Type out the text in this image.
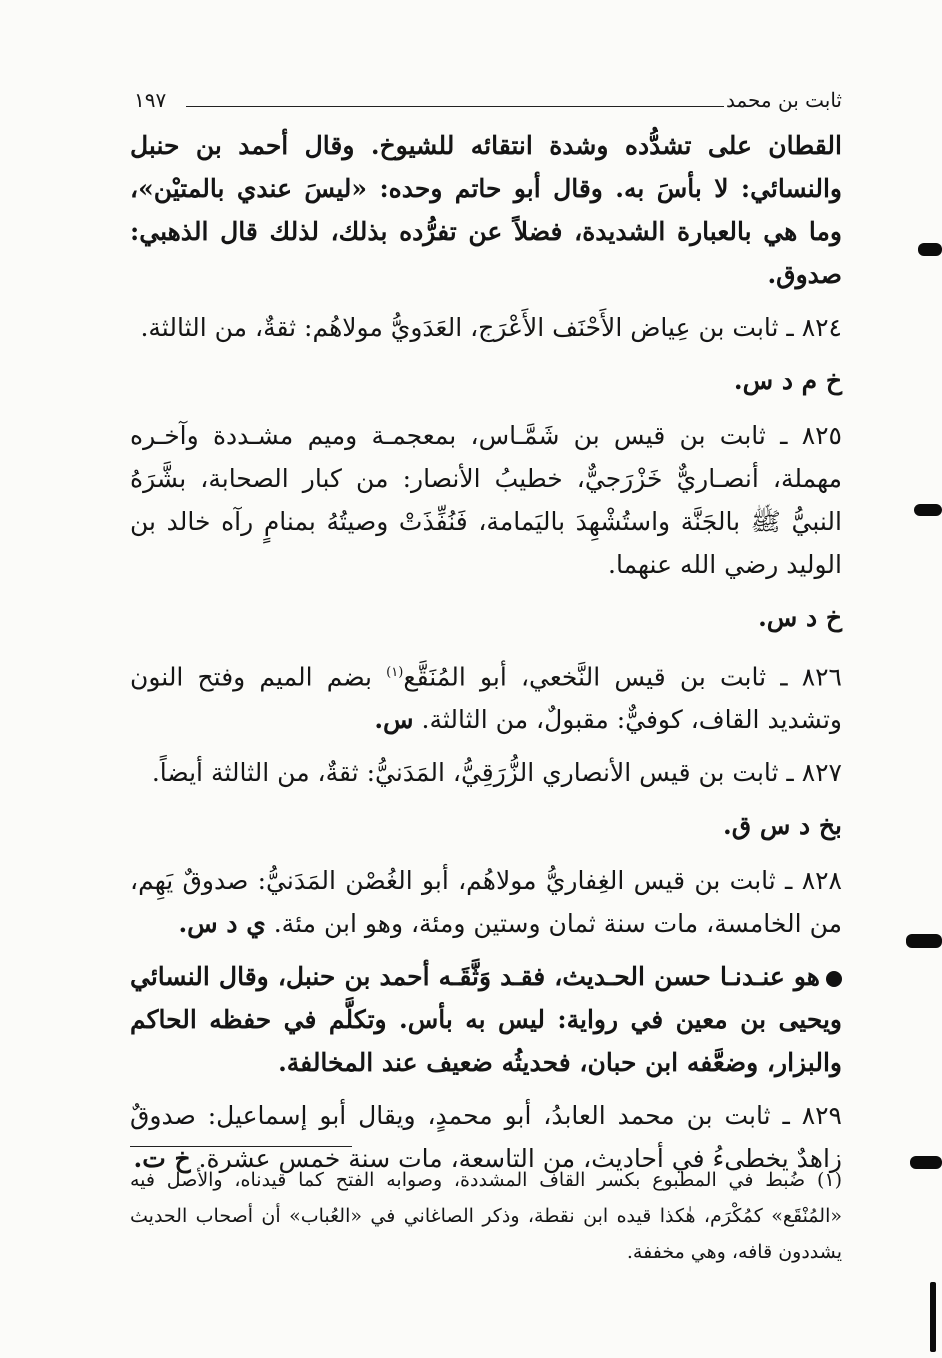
ثابت بن محمد
١٩٧

القطان على تشدُّده وشدة انتقائه للشيوخ. وقال أحمد بن حنبل والنسائي: لا بأسَ به. وقال أبو حاتم وحده: «ليسَ عندي بالمتيْن»، وما هي بالعبارة الشديدة، فضلاً عن تفرُّده بذلك، لذلك قال الذهبي: صدوق.

٨٢٤ ـ ثابت بن عِياض الأَحْنَف الأَعْرَج، العَدَويُّ مولاهُم: ثقةٌ، من الثالثة.

خ م د س.

٨٢٥ ـ ثابت بن قيس بن شَمَّـاس، بمعجمـة وميم مشـددة وآخـره مهملة، أنصـاريٌّ خَزْرَجيٌّ، خطيبُ الأنصار: من كبار الصحابة، بشَّرَهُ النبيُّ ﷺ بالجَنَّة واستُشْهِدَ باليَمامة، فَنُفِّذَتْ وصيتُهُ بمنامٍ رآه خالد بن الوليد رضي الله عنهما.

خ د س.

٨٢٦ ـ ثابت بن قيس النَّخعي، أبو المُنَقَّع$^{(١)}$ بضم الميم وفتح النون وتشديد القاف، كوفيٌّ: مقبولٌ، من الثالثة. س.

٨٢٧ ـ ثابت بن قيس الأنصاري الزُّرَقِيُّ، المَدَنيُّ: ثقةٌ، من الثالثة أيضاً.

بخ د س ق.

٨٢٨ ـ ثابت بن قيس الغِفاريُّ مولاهُم، أبو الغُصْن المَدَنيُّ: صدوقٌ يَهِم، من الخامسة، مات سنة ثمان وستين ومئة، وهو ابن مئة. ي د س.

هو عنـدنـا حسن الحـديث، فقـد وَثَّقَـه أحمد بن حنبل، وقال النسائي ويحيى بن معين في رواية: ليس به بأس. وتكلَّم في حفظه الحاكم والبزار، وضعَّفه ابن حبان، فحديثُه ضعيف عند المخالفة.

٨٢٩ ـ ثابت بن محمد العابدُ، أبو محمدٍ، ويقال أبو إسماعيل: صدوقٌ زاهدٌ يخطىءُ في أحاديث، من التاسعة، مات سنة خمس عشرة. خ ت.

(١) ضُبط في المطبوع بكسر القاف المشددة، وصوابه الفتح كما قيدناه، والأصل فيه «المُنْقَع» كمُكْرَم، هٰكذا قيده ابن نقطة، وذكر الصاغاني في «العُباب» أن أصحاب الحديث يشددون قافه، وهي مخففة.
